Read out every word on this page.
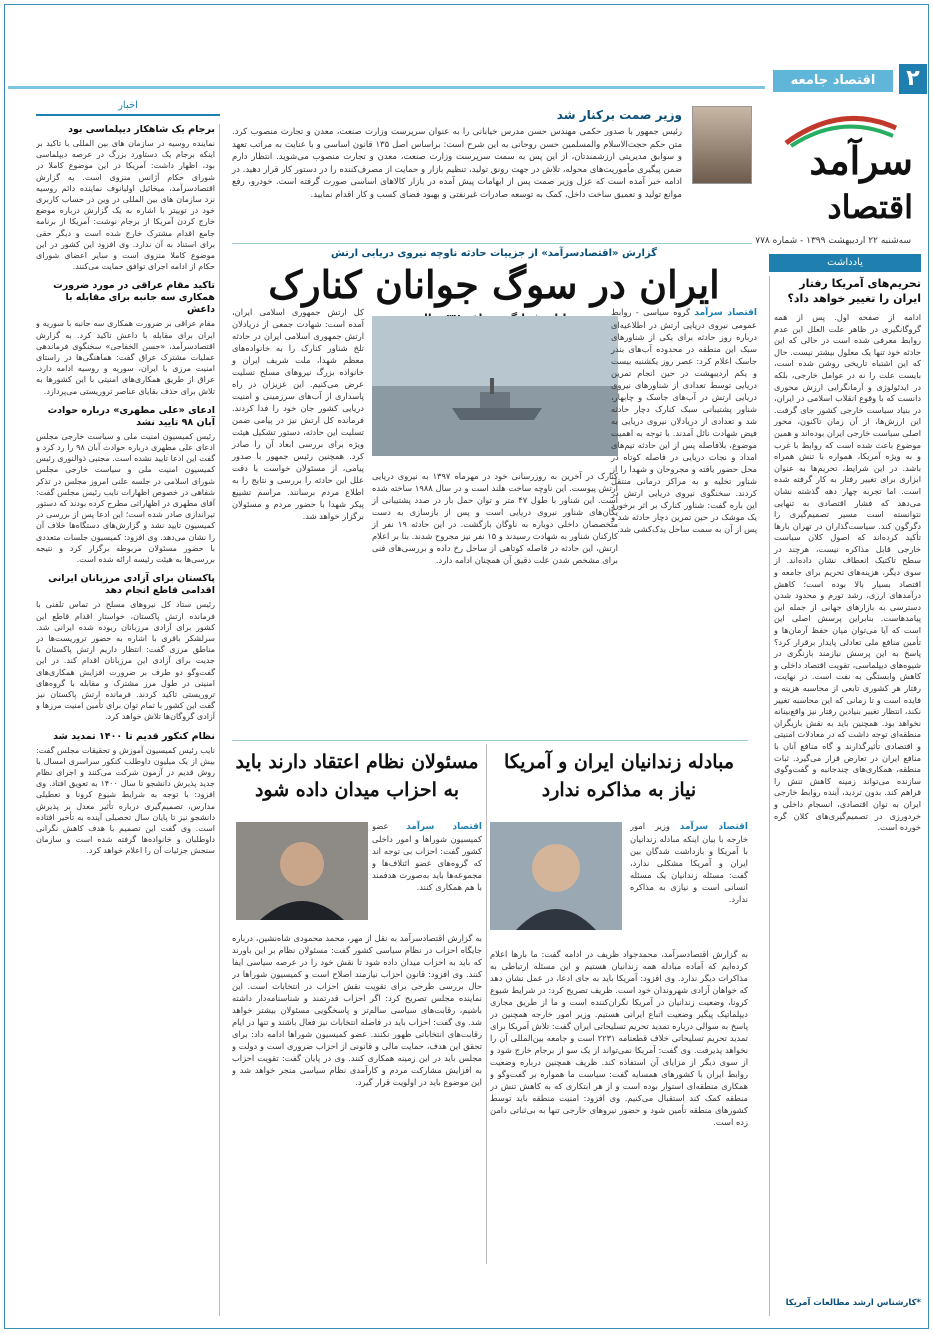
۲
اقتصاد جامعه
سرآمد
اقتصاد
سه‌شنبه ۲۲ اردیبهشت ۱۳۹۹ - شماره ۷۷۸
وزیر صمت برکنار شد
رئیس جمهور با صدور حکمی مهندس حسن مدرس خیابانی را به عنوان سرپرست وزارت صنعت، معدن و تجارت منصوب کرد. متن حکم حجت‌الاسلام والمسلمین حسن روحانی به این شرح است: براساس اصل ۱۳۵ قانون اساسی و با عنایت به مراتب تعهد و سوابق مدیریتی ارزشمندتان، از این پس به سمت سرپرست وزارت صنعت، معدن و تجارت منصوب می‌شوید. انتظار دارم ضمن پیگیری مأموریت‌های محوله، تلاش در جهت رونق تولید، تنظیم بازار و حمایت از مصرف‌کننده را در دستور کار قرار دهید. در ادامه خبر آمده است که عزل وزیر صمت پس از ابهامات پیش آمده در بازار کالاهای اساسی صورت گرفته است. خودرو، رفع موانع تولید و تعمیق ساخت داخل، کمک به توسعه صادرات غیرنفتی و بهبود فضای کسب و کار اقدام نمایید.
یادداشت
تحریم‌های آمریکا رفتار ایران را تغییر خواهد داد؟
ادامه از صفحه اول. پس از همه گروگانگیری در ظاهر علت العلل این عدم روابط معرفی شده است در حالی که این حادثه خود تنها یک معلول بیشتر نیست. حال که این اشتباه تاریخی روشن شده است، بایست علت را نه در عوامل خارجی، بلکه در ایدئولوژی و آرمانگرایی ارزش محوری دانست که با وقوع انقلاب اسلامی در ایران، در بنیاد سیاست خارجی کشور جای گرفت. این ارزش‌ها، از آن زمان تاکنون، محور اصلی سیاست خارجی ایران بوده‌اند و همین موضوع باعث شده است که روابط با غرب و به ویژه آمریکا، همواره با تنش همراه باشد. در این شرایط، تحریم‌ها به عنوان ابزاری برای تغییر رفتار به کار گرفته شده است. اما تجربه چهار دهه گذشته نشان می‌دهد که فشار اقتصادی به تنهایی نتوانسته است مسیر تصمیم‌گیری را دگرگون کند. سیاست‌گذاران در تهران بارها تأکید کرده‌اند که اصول کلان سیاست خارجی قابل مذاکره نیست، هرچند در سطح تاکتیک انعطاف نشان داده‌اند. از سوی دیگر، هزینه‌های تحریم برای جامعه و اقتصاد بسیار بالا بوده است؛ کاهش درآمدهای ارزی، رشد تورم و محدود شدن دسترسی به بازارهای جهانی از جمله این پیامدهاست. بنابراین پرسش اصلی این است که آیا می‌توان میان حفظ آرمان‌ها و تأمین منافع ملی تعادلی پایدار برقرار کرد؟ پاسخ به این پرسش نیازمند بازنگری در شیوه‌های دیپلماسی، تقویت اقتصاد داخلی و کاهش وابستگی به نفت است. در نهایت، رفتار هر کشوری تابعی از محاسبه هزینه و فایده است و تا زمانی که این محاسبه تغییر نکند، انتظار تغییر بنیادین رفتار نیز واقع‌بینانه نخواهد بود. همچنین باید به نقش بازیگران منطقه‌ای توجه داشت که در معادلات امنیتی و اقتصادی تأثیرگذارند و گاه منافع آنان با منافع ایران در تعارض قرار می‌گیرد. ثبات منطقه، همکاری‌های چندجانبه و گفت‌وگوی سازنده می‌تواند زمینه کاهش تنش را فراهم کند. بدون تردید، آینده روابط خارجی ایران به توان اقتصادی، انسجام داخلی و خردورزی در تصمیم‌گیری‌های کلان گره خورده است.
*کارشناس ارشد مطالعات آمریکا
اخبار
برجام یک شاهکار دیپلماسی بود
نماینده روسیه در سازمان های بین المللی با تاکید بر اینکه برجام یک دستاورد بزرگ در عرصه دیپلماسی بود، اظهار داشت: آمریکا در این موضوع کاملا در شورای حکام آژانس منزوی است. به گزارش اقتصادسرآمد، میخائیل اولیانوف نماینده دائم روسیه نزد سازمان های بین المللی در وین در حساب کاربری خود در توییتر با اشاره به یک گزارش درباره موضع خارج کردن آمریکا از برجام نوشت: آمریکا از برنامه جامع اقدام مشترک خارج شده است و دیگر حقی برای استناد به آن ندارد. وی افزود این کشور در این موضوع کاملا منزوی است و سایر اعضای شورای حکام از ادامه اجرای توافق حمایت می‌کنند.
تاکید مقام عراقی در مورد ضرورت همکاری سه جانبه برای مقابله با داعش
مقام عراقی بر ضرورت همکاری سه جانبه با سوریه و ایران برای مقابله با داعش تاکید کرد. به گزارش اقتصادسرآمد، «حسن الخفاجی» سخنگوی فرماندهی عملیات مشترک عراق گفت: هماهنگی‌ها در راستای امنیت مرزی با ایران، سوریه و روسیه ادامه دارد. عراق از طریق همکاری‌های امنیتی با این کشورها به تلاش برای حذف بقایای عناصر تروریستی می‌پردازد.
ادعای «علی مطهری» درباره حوادث آبان ۹۸ تایید نشد
رئیس کمیسیون امنیت ملی و سیاست خارجی مجلس ادعای علی مطهری درباره حوادث آبان ۹۸ را رد کرد و گفت این ادعا تایید نشده است. مجتبی ذوالنوری رئیس کمیسیون امنیت ملی و سیاست خارجی مجلس شورای اسلامی در جلسه علنی امروز مجلس در تذکر شفاهی در خصوص اظهارات نایب رئیس مجلس گفت: آقای مطهری در اظهاراتی مطرح کرده بودند که دستور تیراندازی صادر شده است؛ این ادعا پس از بررسی در کمیسیون تایید نشد و گزارش‌های دستگاه‌ها خلاف آن را نشان می‌دهد. وی افزود: کمیسیون جلسات متعددی با حضور مسئولان مربوطه برگزار کرد و نتیجه بررسی‌ها به هیئت رئیسه ارائه شده است.
پاکستان برای آزادی مرزبانان ایرانی اقدامی قاطع انجام دهد
رئیس ستاد کل نیروهای مسلح در تماس تلفنی با فرمانده ارتش پاکستان، خواستار اقدام قاطع این کشور برای آزادی مرزبانان ربوده شده ایرانی شد. سرلشکر باقری با اشاره به حضور تروریست‌ها در مناطق مرزی گفت: انتظار داریم ارتش پاکستان با جدیت برای آزادی این مرزبانان اقدام کند. در این گفت‌وگو دو طرف بر ضرورت افزایش همکاری‌های امنیتی در طول مرز مشترک و مقابله با گروه‌های تروریستی تاکید کردند. فرمانده ارتش پاکستان نیز گفت این کشور با تمام توان برای تأمین امنیت مرزها و آزادی گروگان‌ها تلاش خواهد کرد.
نظام کنکور قدیم تا ۱۴۰۰ تمدید شد
نایب رئیس کمیسیون آموزش و تحقیقات مجلس گفت: بیش از یک میلیون داوطلب کنکور سراسری امسال با روش قدیم در آزمون شرکت می‌کنند و اجرای نظام جدید پذیرش دانشجو تا سال ۱۴۰۰ به تعویق افتاد. وی افزود: با توجه به شرایط شیوع کرونا و تعطیلی مدارس، تصمیم‌گیری درباره تأثیر معدل بر پذیرش دانشجو نیز تا پایان سال تحصیلی آینده به تأخیر افتاده است. وی گفت این تصمیم با هدف کاهش نگرانی داوطلبان و خانواده‌ها گرفته شده است و سازمان سنجش جزئیات آن را اعلام خواهد کرد.
گزارش «اقتصادسرآمد» از جزییات حادثه ناوچه نیروی دریایی ارتش
ایران در سوگ جوانان کنارک
اقتصاد سرآمد گروه سیاسی - روابط عمومی نیروی دریایی ارتش در اطلاعیه‌ای درباره روز حادثه برای یکی از شناورهای سبک این منطقه در محدوده آب‌های بندر جاسک اعلام کرد: عصر روز یکشنبه بیست و یکم اردیبهشت در حین انجام تمرین دریایی توسط تعدادی از شناورهای نیروی دریایی ارتش در آب‌های جاسک و چابهار، شناور پشتیبانی سبک کنارک دچار حادثه شد و تعدادی از دریادلان نیروی دریایی به فیض شهادت نائل آمدند. با توجه به اهمیت موضوع، بلافاصله پس از این حادثه تیم‌های امداد و نجات دریایی در فاصله کوتاه در محل حضور یافته و مجروحان و شهدا را از شناور تخلیه و به مراکز درمانی منتقل کردند. سخنگوی نیروی دریایی ارتش در این باره گفت: شناور کنارک بر اثر برخورد یک موشک در حین تمرین دچار حادثه شد و پس از آن به سمت ساحل یدک‌کشی شد.
کنارک در آخرین به روزرسانی خود در مهرماه ۱۳۹۷ به نیروی دریایی ارتش پیوست. این ناوچه ساخت هلند است و در سال ۱۹۸۸ ساخته شده است. این شناور با طول ۴۷ متر و توان حمل بار در صدد پشتیبانی از یگان‌های شناور نیروی دریایی است و پس از بازسازی به دست متخصصان داخلی دوباره به ناوگان بازگشت. در این حادثه ۱۹ نفر از کارکنان شناور به شهادت رسیدند و ۱۵ نفر نیز مجروح شدند. بنا بر اعلام ارتش، این حادثه در فاصله کوتاهی از ساحل رخ داده و بررسی‌های فنی برای مشخص شدن علت دقیق آن همچنان ادامه دارد.
کل ارتش جمهوری اسلامی ایران، آمده است: شهادت جمعی از دریادلان ارتش جمهوری اسلامی ایران در حادثه تلخ شناور کنارک را به خانواده‌های معظم شهدا، ملت شریف ایران و خانواده بزرگ نیروهای مسلح تسلیت عرض می‌کنیم. این عزیزان در راه پاسداری از آب‌های سرزمینی و امنیت دریایی کشور جان خود را فدا کردند. فرمانده کل ارتش نیز در پیامی ضمن تسلیت این حادثه، دستور تشکیل هیئت ویژه برای بررسی ابعاد آن را صادر کرد. همچنین رئیس جمهور با صدور پیامی، از مسئولان خواست با دقت علل این حادثه را بررسی و نتایج را به اطلاع مردم برسانند. مراسم تشییع پیکر شهدا با حضور مردم و مسئولان برگزار خواهد شد.
مبادله زندانیان ایران و آمریکا نیاز به مذاکره ندارد
اقتصاد سرآمد وزیر امور خارجه با بیان اینکه مبادله زندانیان با آمریکا و بازداشت شدگان بین ایران و آمریکا مشکلی ندارد، گفت: مسئله زندانیان یک مسئله انسانی است و نیازی به مذاکره ندارد.
به گزارش اقتصادسرآمد، محمدجواد ظریف در ادامه گفت: ما بارها اعلام کرده‌ایم که آماده مبادله همه زندانیان هستیم و این مسئله ارتباطی به مذاکرات دیگر ندارد. وی افزود: آمریکا باید به جای ادعا، در عمل نشان دهد که خواهان آزادی شهروندان خود است. ظریف تصریح کرد: در شرایط شیوع کرونا، وضعیت زندانیان در آمریکا نگران‌کننده است و ما از طریق مجاری دیپلماتیک پیگیر وضعیت اتباع ایرانی هستیم. وزیر امور خارجه همچنین در پاسخ به سوالی درباره تمدید تحریم تسلیحاتی ایران گفت: تلاش آمریکا برای تمدید تحریم تسلیحاتی خلاف قطعنامه ۲۲۳۱ است و جامعه بین‌المللی آن را نخواهد پذیرفت. وی گفت: آمریکا نمی‌تواند از یک سو از برجام خارج شود و از سوی دیگر از مزایای آن استفاده کند. ظریف همچنین درباره وضعیت روابط ایران با کشورهای همسایه گفت: سیاست ما همواره بر گفت‌وگو و همکاری منطقه‌ای استوار بوده است و از هر ابتکاری که به کاهش تنش در منطقه کمک کند استقبال می‌کنیم. وی افزود: امنیت منطقه باید توسط کشورهای منطقه تأمین شود و حضور نیروهای خارجی تنها به بی‌ثباتی دامن زده است.
مسئولان نظام اعتقاد دارند باید به احزاب میدان داده شود
اقتصاد سرآمد عضو کمیسیون شوراها و امور داخلی کشور گفت: احزاب بی توجه اند که گروه‌های عضو ائتلاف‌ها و مجموعه‌ها باید به‌صورت هدفمند با هم همکاری کنند.
به گزارش اقتصادسرآمد به نقل از مهر، محمد محمودی شاه‌نشین، درباره جایگاه احزاب در نظام سیاسی کشور گفت: مسئولان نظام بر این باورند که باید به احزاب میدان داده شود تا نقش خود را در عرصه سیاسی ایفا کنند. وی افزود: قانون احزاب نیازمند اصلاح است و کمیسیون شوراها در حال بررسی طرحی برای تقویت نقش احزاب در انتخابات است. این نماینده مجلس تصریح کرد: اگر احزاب قدرتمند و شناسنامه‌دار داشته باشیم، رقابت‌های سیاسی سالم‌تر و پاسخگویی مسئولان بیشتر خواهد شد. وی گفت: احزاب باید در فاصله انتخابات نیز فعال باشند و تنها در ایام رقابت‌های انتخاباتی ظهور نکنند. عضو کمیسیون شوراها ادامه داد: برای تحقق این هدف، حمایت مالی و قانونی از احزاب ضروری است و دولت و مجلس باید در این زمینه همکاری کنند. وی در پایان گفت: تقویت احزاب به افزایش مشارکت مردم و کارآمدی نظام سیاسی منجر خواهد شد و این موضوع باید در اولویت قرار گیرد.
